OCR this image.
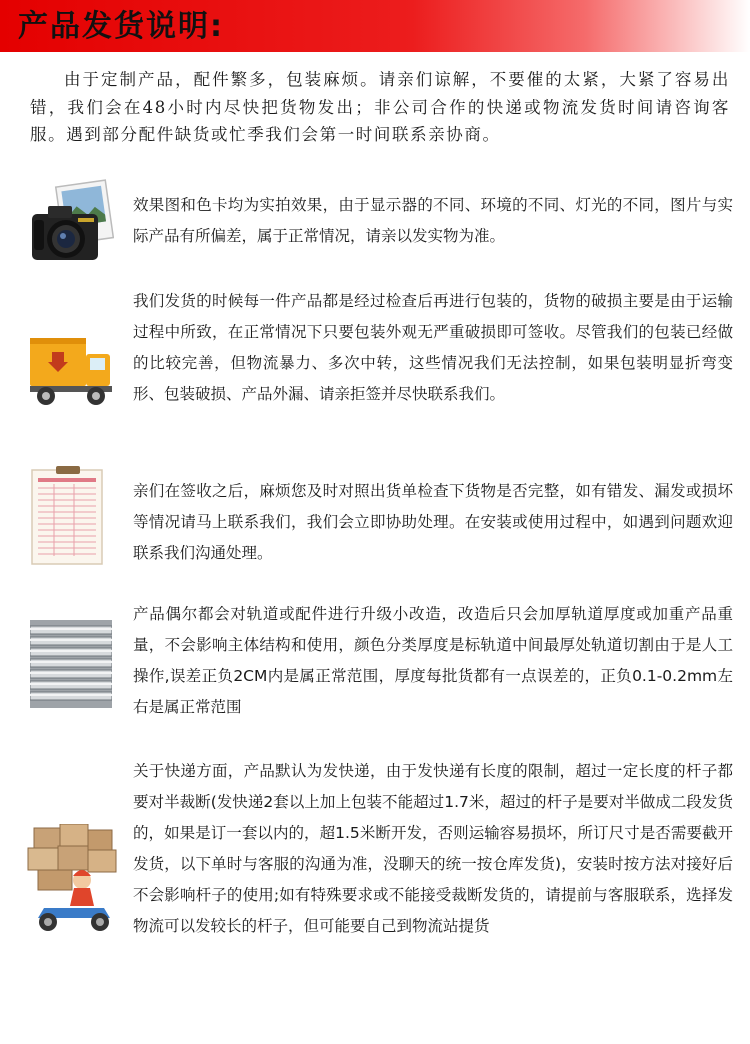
产品发货说明:
由于定制产品，配件繁多，包装麻烦。请亲们谅解，不要催的太紧，大紧了容易出错，我们会在48小时内尽快把货物发出；非公司合作的快递或物流发货时间请咨询客服。遇到部分配件缺货或忙季我们会第一时间联系亲协商。
效果图和色卡均为实拍效果，由于显示器的不同、环境的不同、灯光的不同，图片与实际产品有所偏差，属于正常情况，请亲以发实物为准。
我们发货的时候每一件产品都是经过检查后再进行包装的，货物的破损主要是由于运输过程中所致，在正常情况下只要包装外观无严重破损即可签收。尽管我们的包装已经做的比较完善，但物流暴力、多次中转，这些情况我们无法控制，如果包装明显折弯变形、包装破损、产品外漏、请亲拒签并尽快联系我们。
亲们在签收之后，麻烦您及时对照出货单检查下货物是否完整，如有错发、漏发或损坏等情况请马上联系我们，我们会立即协助处理。在安装或使用过程中，如遇到问题欢迎联系我们沟通处理。
产品偶尔都会对轨道或配件进行升级小改造，改造后只会加厚轨道厚度或加重产品重量，不会影响主体结构和使用，颜色分类厚度是标轨道中间最厚处轨道切割由于是人工操作,误差正负2CM内是属正常范围，厚度每批货都有一点误差的，正负0.1-0.2mm左右是属正常范围
关于快递方面，产品默认为发快递，由于发快递有长度的限制，超过一定长度的杆子都要对半裁断(发快递2套以上加上包装不能超过1.7米，超过的杆子是要对半做成二段发货的，如果是订一套以内的，超1.5米断开发，否则运输容易损坏，所订尺寸是否需要截开发货，以下单时与客服的沟通为准，没聊天的统一按仓库发货)，安装时按方法对接好后不会影响杆子的使用;如有特殊要求或不能接受裁断发货的，请提前与客服联系，选择发物流可以发较长的杆子，但可能要自己到物流站提货
